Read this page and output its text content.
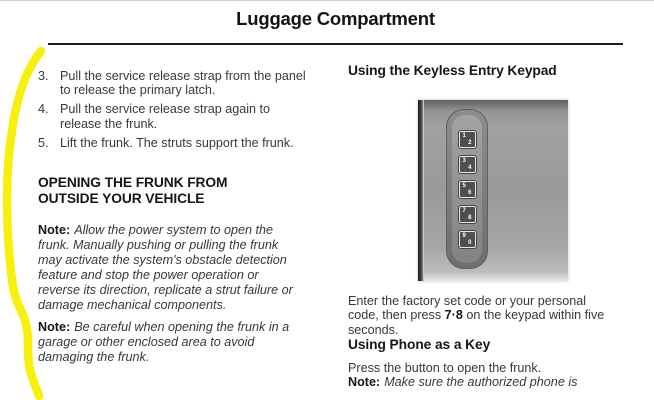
Luggage Compartment
3. Pull the service release strap from the panel to release the primary latch.
4. Pull the service release strap again to release the frunk.
5. Lift the frunk. The struts support the frunk.
OPENING THE FRUNK FROM OUTSIDE YOUR VEHICLE

Note: Allow the power system to open the frunk. Manually pushing or pulling the frunk may activate the system's obstacle detection feature and stop the power operation or reverse its direction, replicate a strut failure or damage mechanical components.

Note: Be careful when opening the frunk in a garage or other enclosed area to avoid damaging the frunk.

Using the Keyless Entry Keypad
1
2
3
4
5
6
7
8
9
0

Enter the factory set code or your personal code, then press 7·8 on the keypad within five seconds.

Using Phone as a Key

Press the button to open the frunk.

Note: Make sure the authorized phone is
